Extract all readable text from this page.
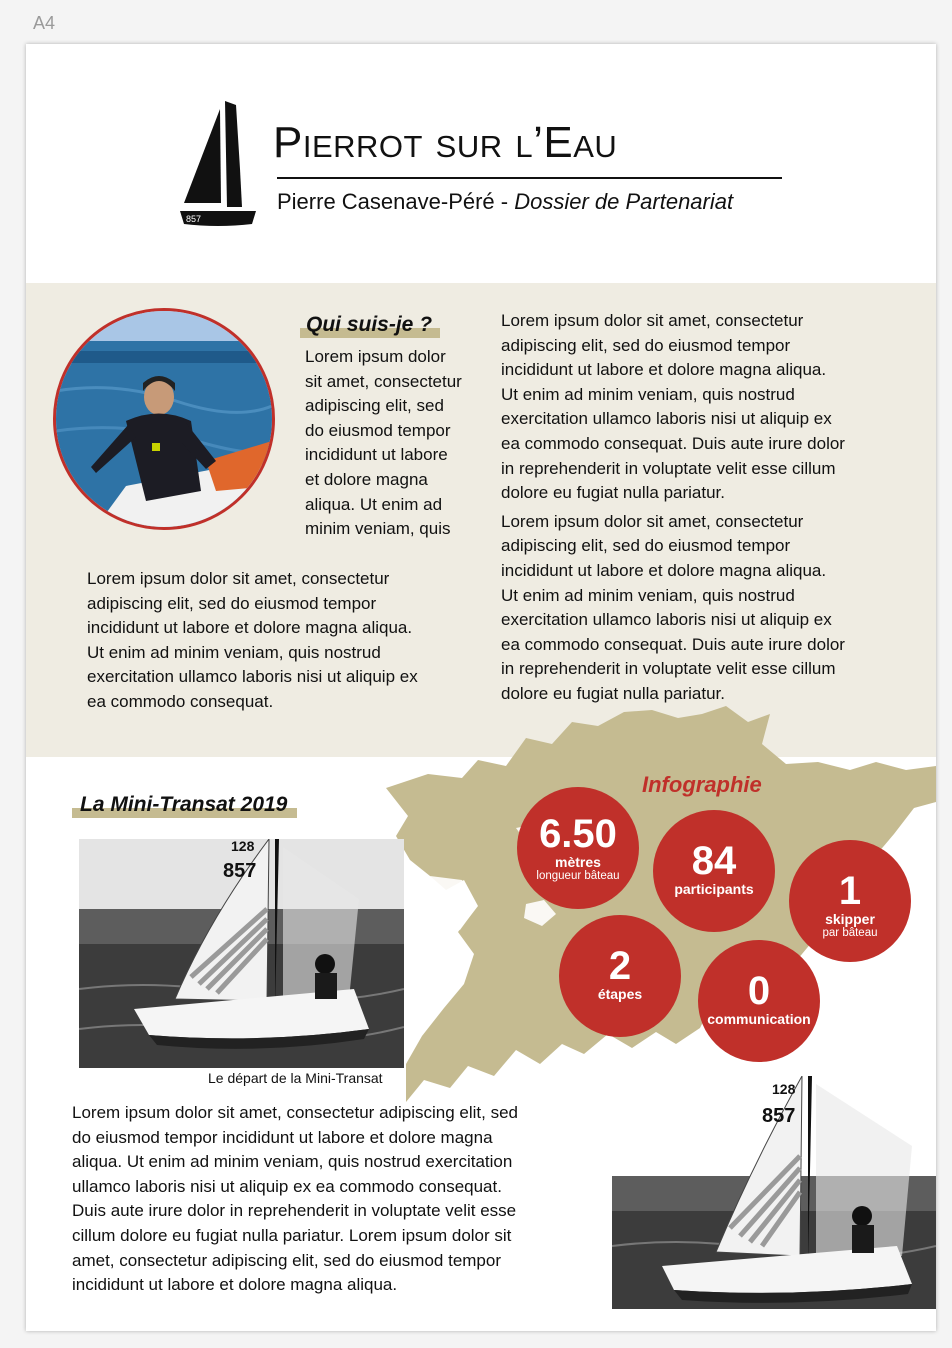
A4
857
Pierrot sur l’Eau
Pierre Casenave-Péré - Dossier de Partenariat
Qui suis-je ?
Lorem ipsum dolor
sit amet, consectetur
adipiscing elit, sed
do eiusmod tempor
incididunt ut labore
et dolore magna
aliqua. Ut enim ad
minim veniam, quis
Lorem ipsum dolor sit amet, consectetur
adipiscing elit, sed do eiusmod tempor
incididunt ut labore et dolore magna aliqua.
Ut enim ad minim veniam, quis nostrud
exercitation ullamco laboris nisi ut aliquip ex
ea commodo consequat.
Lorem ipsum dolor sit amet, consectetur
adipiscing elit, sed do eiusmod tempor
incididunt ut labore et dolore magna aliqua.
Ut enim ad minim veniam, quis nostrud
exercitation ullamco laboris nisi ut aliquip ex
ea commodo consequat. Duis aute irure dolor
in reprehenderit in voluptate velit esse cillum
dolore eu fugiat nulla pariatur.
Lorem ipsum dolor sit amet, consectetur
adipiscing elit, sed do eiusmod tempor
incididunt ut labore et dolore magna aliqua.
Ut enim ad minim veniam, quis nostrud
exercitation ullamco laboris nisi ut aliquip ex
ea commodo consequat. Duis aute irure dolor
in reprehenderit in voluptate velit esse cillum
dolore eu fugiat nulla pariatur.
Infographie
6.50
mètres
longueur bâteau	84
participants	1
skipper
par bâteau
2
étapes	0
communication
La Mini-Transat 2019
857
128
Le départ de la Mini-Transat
Lorem ipsum dolor sit amet, consectetur adipiscing elit, sed
do eiusmod tempor incididunt ut labore et dolore magna
aliqua. Ut enim ad minim veniam, quis nostrud exercitation
ullamco laboris nisi ut aliquip ex ea commodo consequat.
Duis aute irure dolor in reprehenderit in voluptate velit esse
cillum dolore eu fugiat nulla pariatur. Lorem ipsum dolor sit
amet, consectetur adipiscing elit, sed do eiusmod tempor
incididunt ut labore et dolore magna aliqua.
857
128
